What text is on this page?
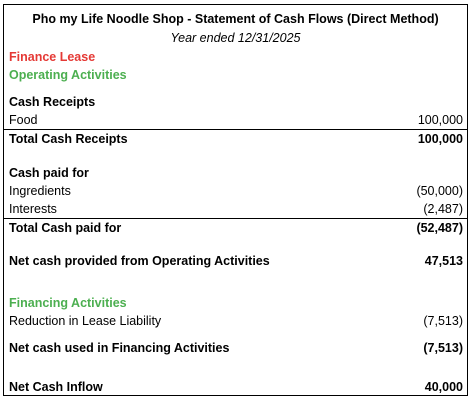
Pho my Life Noodle Shop - Statement of Cash Flows (Direct Method)
Year ended 12/31/2025
Finance Lease
Operating Activities
Cash Receipts
Food	100,000
Total Cash Receipts	100,000
Cash paid for
Ingredients	(50,000)
Interests	(2,487)
Total Cash paid for	(52,487)
Net cash provided from Operating Activities	47,513
Financing Activities
Reduction in Lease Liability	(7,513)
Net cash used in Financing Activities	(7,513)
Net Cash Inflow	40,000
